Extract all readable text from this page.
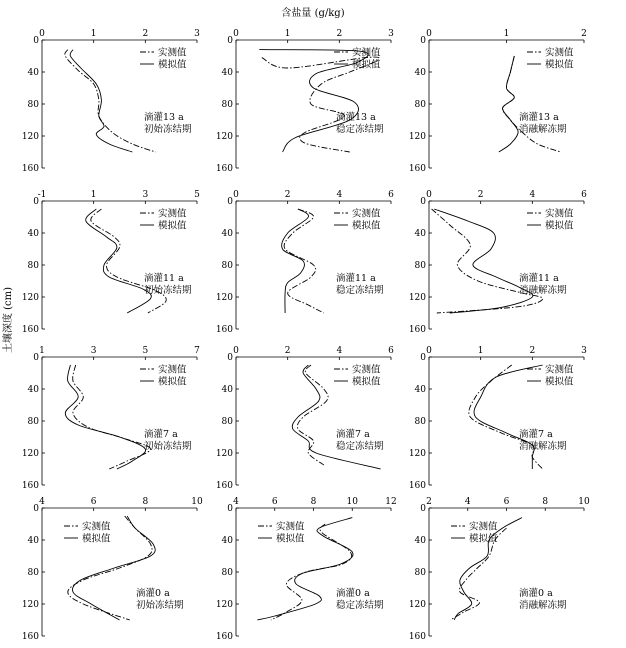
含盐量 (g/kg)
土壤深度 (cm)
0	1	2	3
0
40
80
120
160
实测值
模拟值
滴灌13 a
初始冻结期
0	1	2	3
0
40
80
120
160
实测值
模拟值
滴灌13 a
稳定冻结期
0	1	2
0
40
80
120
160
实测值
模拟值
滴灌13 a
消融解冻期
-1	1	3	5
0
40
80
120
160
实测值
模拟值
滴灌11 a
初始冻结期
0	2	4	6
0
40
80
120
160
实测值
模拟值
滴灌11 a
稳定冻结期
0	2	4	6
0
40
80
120
160
实测值
模拟值
滴灌11 a
消融解冻期
1	3	5	7
0
40
80
120
160
实测值
模拟值
滴灌7 a
初始冻结期
0	2	4	6
0
40
80
120
160
实测值
模拟值
滴灌7 a
稳定冻结期
0	1	2	3
0
40
80
120
160
实测值
模拟值
滴灌7 a
消融解冻期
4	6	8	10
0
40
80
120
160
实测值
模拟值
滴灌0 a
初始冻结期
4	6	8	10	12
0
40
80
120
160
实测值
模拟值
滴灌0 a
稳定冻结期
2	4	6	8	10
0
40
80
120
160
实测值
模拟值
滴灌0 a
消融解冻期
